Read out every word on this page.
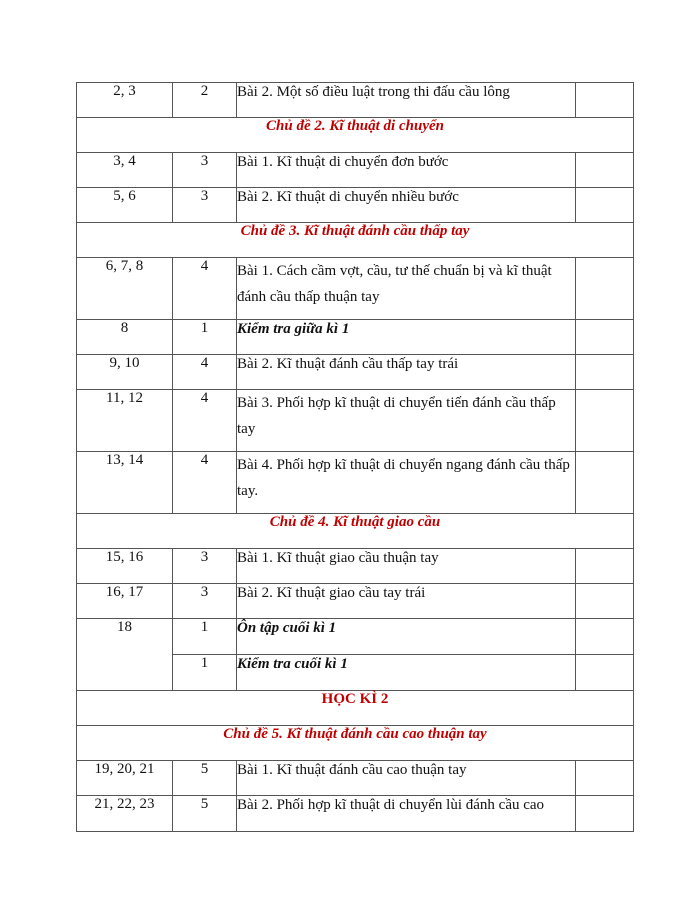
2, 3	2	Bài 2. Một số điều luật trong thi đấu cầu lông	
Chủ đề 2. Kĩ thuật di chuyển			
3, 4	3	Bài 1. Kĩ thuật di chuyển đơn bước	
5, 6	3	Bài 2. Kĩ thuật di chuyển nhiều bước	
Chủ đề 3. Kĩ thuật đánh cầu thấp tay			
6, 7, 8	4	Bài 1. Cách cầm vợt, cầu, tư thế chuẩn bị và kĩ thuật đánh cầu thấp thuận tay	
8	1	Kiểm tra giữa kì 1	
9, 10	4	Bài 2. Kĩ thuật đánh cầu thấp tay trái	
11, 12	4	Bài 3. Phối hợp kĩ thuật di chuyển tiến đánh cầu thấp tay	
13, 14	4	Bài 4. Phối hợp kĩ thuật di chuyển ngang đánh cầu thấp tay.	
Chủ đề 4. Kĩ thuật giao cầu			
15, 16	3	Bài 1. Kĩ thuật giao cầu thuận tay	
16, 17	3	Bài 2. Kĩ thuật giao cầu tay trái	
18	1	Ôn tập cuối kì 1	
	1	Kiểm tra cuối kì 1	
HỌC KÌ 2			
Chủ đề 5. Kĩ thuật đánh cầu cao thuận tay			
19, 20, 21	5	Bài 1. Kĩ thuật đánh cầu cao thuận tay	
21, 22, 23	5	Bài 2. Phối hợp kĩ thuật di chuyển lùi đánh cầu cao	
